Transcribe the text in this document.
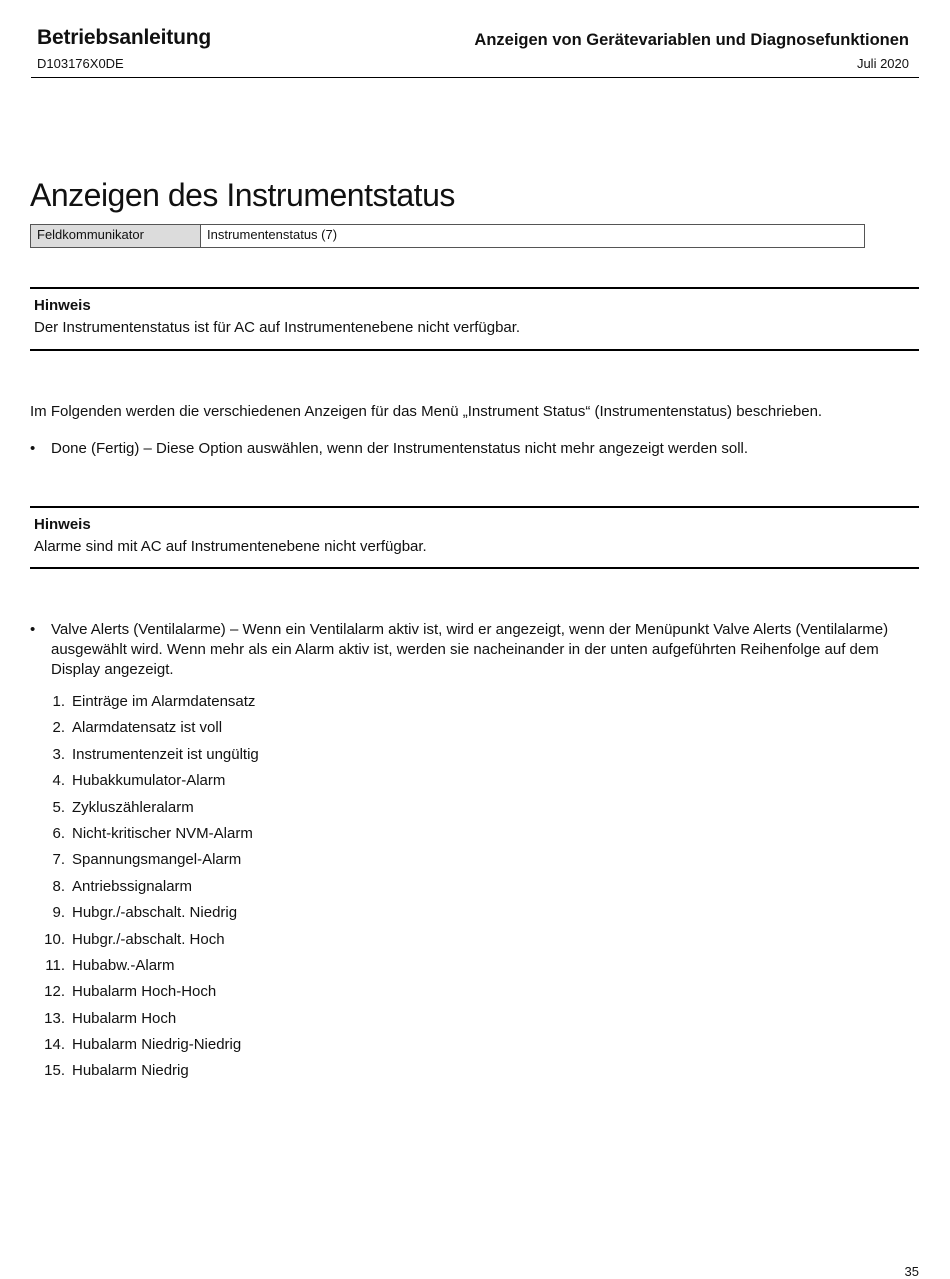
Betriebsanleitung
D103176X0DE
Anzeigen von Gerätevariablen und Diagnosefunktionen
Juli 2020
Anzeigen des Instrumentstatus
Feldkommunikator	Instrumentenstatus (7)
Hinweis
Der Instrumentenstatus ist für AC auf Instrumentenebene nicht verfügbar.
Im Folgenden werden die verschiedenen Anzeigen für das Menü „Instrument Status“ (Instrumentenstatus) beschrieben.
•	Done (Fertig) – Diese Option auswählen, wenn der Instrumentenstatus nicht mehr angezeigt werden soll.
Hinweis
Alarme sind mit AC auf Instrumentenebene nicht verfügbar.
•	Valve Alerts (Ventilalarme) – Wenn ein Ventilalarm aktiv ist, wird er angezeigt, wenn der Menüpunkt Valve Alerts (Ventilalarme) ausgewählt wird. Wenn mehr als ein Alarm aktiv ist, werden sie nacheinander in der unten aufgeführten Reihenfolge auf dem Display angezeigt.
1. Einträge im Alarmdatensatz
2. Alarmdatensatz ist voll
3. Instrumentenzeit ist ungültig
4. Hubakkumulator-Alarm
5. Zykluszähleralarm
6. Nicht-kritischer NVM-Alarm
7. Spannungsmangel-Alarm
8. Antriebssignalarm
9. Hubgr./-abschalt. Niedrig
10. Hubgr./-abschalt. Hoch
11. Hubabw.-Alarm
12. Hubalarm Hoch-Hoch
13. Hubalarm Hoch
14. Hubalarm Niedrig-Niedrig
15. Hubalarm Niedrig
35
